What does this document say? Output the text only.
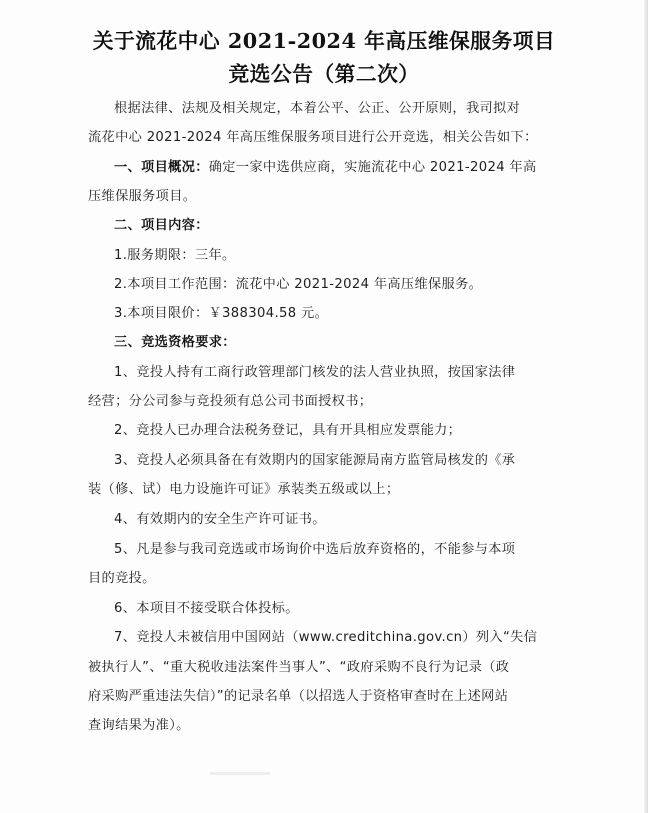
关于流花中心 2021-2024 年高压维保服务项目
竞选公告（第二次）
根据法律、法规及相关规定，本着公平、公正、公开原则，我司拟对
流花中心 2021-2024 年高压维保服务项目进行公开竞选，相关公告如下：
一、项目概况：确定一家中选供应商，实施流花中心 2021-2024 年高
压维保服务项目。
二、项目内容：
1.服务期限：三年。
2.本项目工作范围：流花中心 2021-2024 年高压维保服务。
3.本项目限价：￥388304.58 元。
三、竞选资格要求：
1、竞投人持有工商行政管理部门核发的法人营业执照，按国家法律
经营；分公司参与竞投须有总公司书面授权书；
2、竞投人已办理合法税务登记，具有开具相应发票能力；
3、竞投人必须具备在有效期内的国家能源局南方监管局核发的《承
装（修、试）电力设施许可证》承装类五级或以上；
4、有效期内的安全生产许可证书。
5、凡是参与我司竞选或市场询价中选后放弃资格的，不能参与本项
目的竞投。
6、本项目不接受联合体投标。
7、竞投人未被信用中国网站（www.creditchina.gov.cn）列入“失信
被执行人”、“重大税收违法案件当事人”、“政府采购不良行为记录（政
府采购严重违法失信）”的记录名单（以招选人于资格审查时在上述网站
查询结果为准）。
